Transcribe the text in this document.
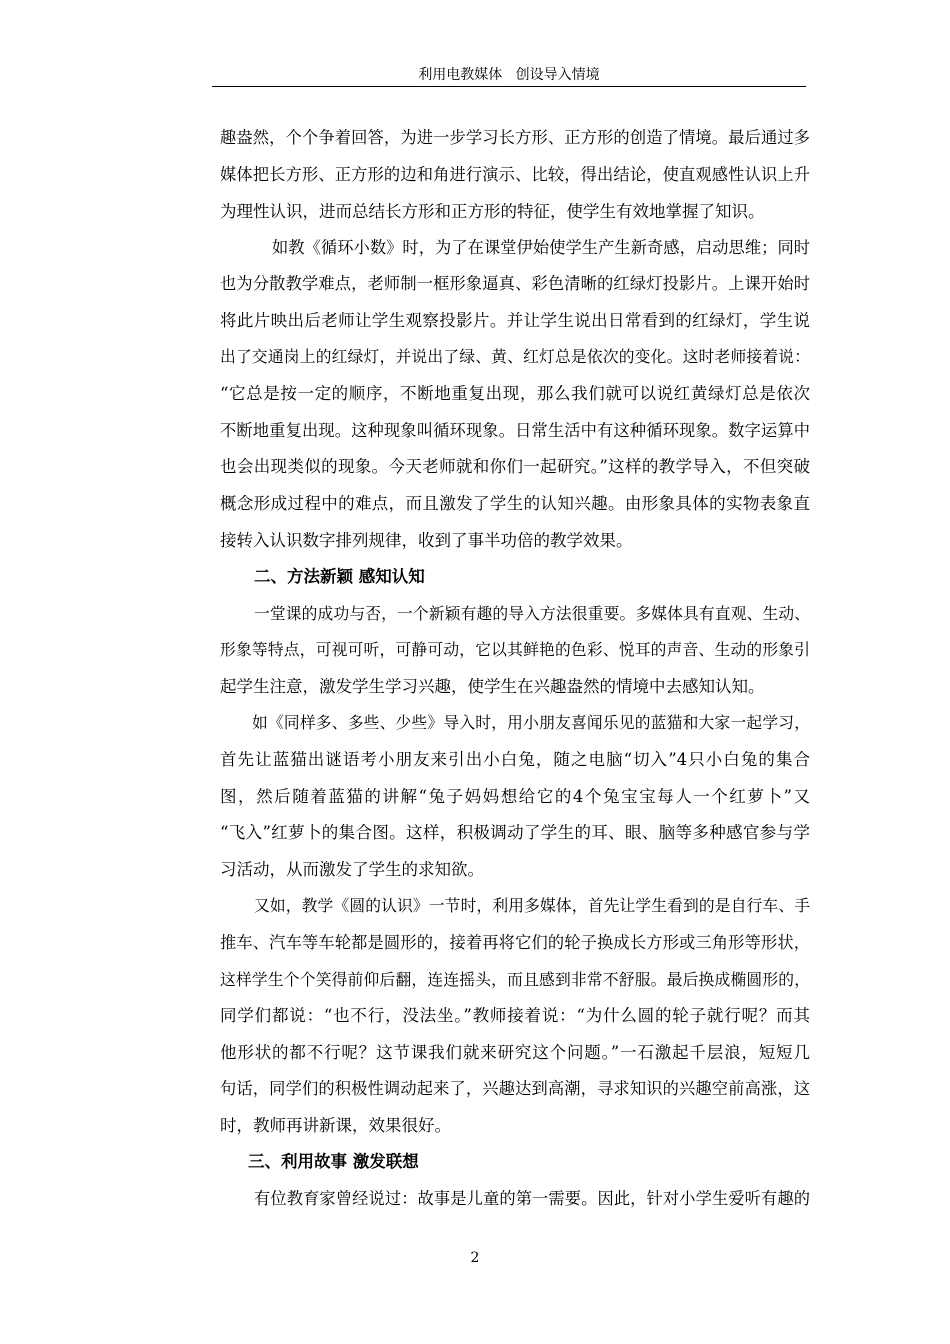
利用电教媒体   创设导入情境
趣盎然，个个争着回答，为进一步学习长方形、正方形的创造了情境。最后通过多
媒体把长方形、正方形的边和角进行演示、比较，得出结论，使直观感性认识上升
为理性认识，进而总结长方形和正方形的特征，使学生有效地掌握了知识。
如教《循环小数》时，为了在课堂伊始使学生产生新奇感，启动思维；同时
也为分散教学难点，老师制一框形象逼真、彩色清晰的红绿灯投影片。上课开始时
将此片映出后老师让学生观察投影片。并让学生说出日常看到的红绿灯，学生说
出了交通岗上的红绿灯，并说出了绿、黄、红灯总是依次的变化。这时老师接着说：
“它总是按一定的顺序，不断地重复出现，那么我们就可以说红黄绿灯总是依次
不断地重复出现。这种现象叫循环现象。日常生活中有这种循环现象。数字运算中
也会出现类似的现象。今天老师就和你们一起研究。”这样的教学导入，不但突破
概念形成过程中的难点，而且激发了学生的认知兴趣。由形象具体的实物表象直
接转入认识数字排列规律，收到了事半功倍的教学效果。
二、方法新颖 感知认知
一堂课的成功与否，一个新颖有趣的导入方法很重要。多媒体具有直观、生动、
形象等特点，可视可听，可静可动，它以其鲜艳的色彩、悦耳的声音、生动的形象引
起学生注意，激发学生学习兴趣，使学生在兴趣盎然的情境中去感知认知。
如《同样多、多些、少些》导入时，用小朋友喜闻乐见的蓝猫和大家一起学习，
首先让蓝猫出谜语考小朋友来引出小白兔，随之电脑“切入”4只小白兔的集合
图，然后随着蓝猫的讲解“兔子妈妈想给它的4个兔宝宝每人一个红萝卜”又
“飞入”红萝卜的集合图。这样，积极调动了学生的耳、眼、脑等多种感官参与学
习活动，从而激发了学生的求知欲。
又如，教学《圆的认识》一节时，利用多媒体，首先让学生看到的是自行车、手
推车、汽车等车轮都是圆形的，接着再将它们的轮子换成长方形或三角形等形状，
这样学生个个笑得前仰后翻，连连摇头，而且感到非常不舒服。最后换成椭圆形的，
同学们都说：“也不行，没法坐。”教师接着说：“为什么圆的轮子就行呢？而其
他形状的都不行呢？这节课我们就来研究这个问题。”一石激起千层浪，短短几
句话，同学们的积极性调动起来了，兴趣达到高潮，寻求知识的兴趣空前高涨，这
时，教师再讲新课，效果很好。
三、利用故事 激发联想
有位教育家曾经说过：故事是儿童的第一需要。因此，针对小学生爱听有趣的
2
